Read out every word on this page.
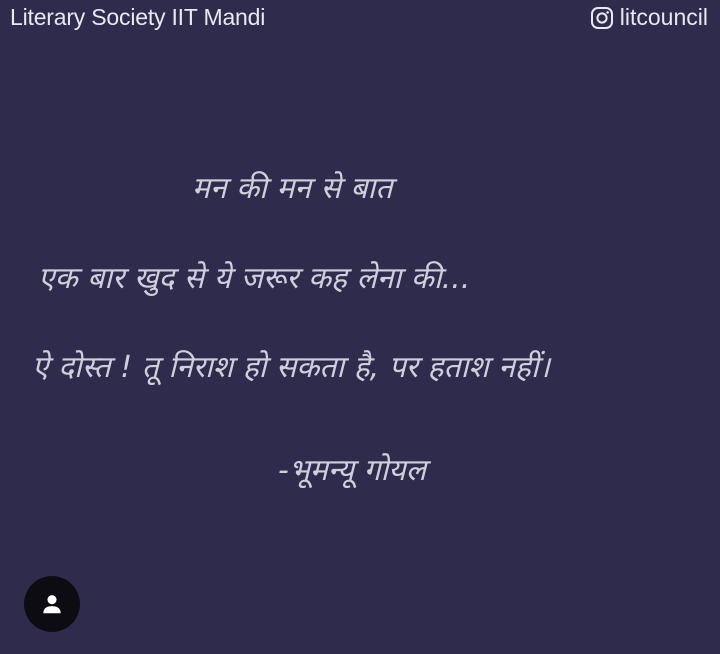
Literary Society IIT Mandi	litcouncil
मन की मन से बात
एक बार खुद से ये जरूर कह लेना की...
ऐ दोस्त ! तू निराश हो सकता है, पर हताश नहीं।
-भूमन्यू गोयल
